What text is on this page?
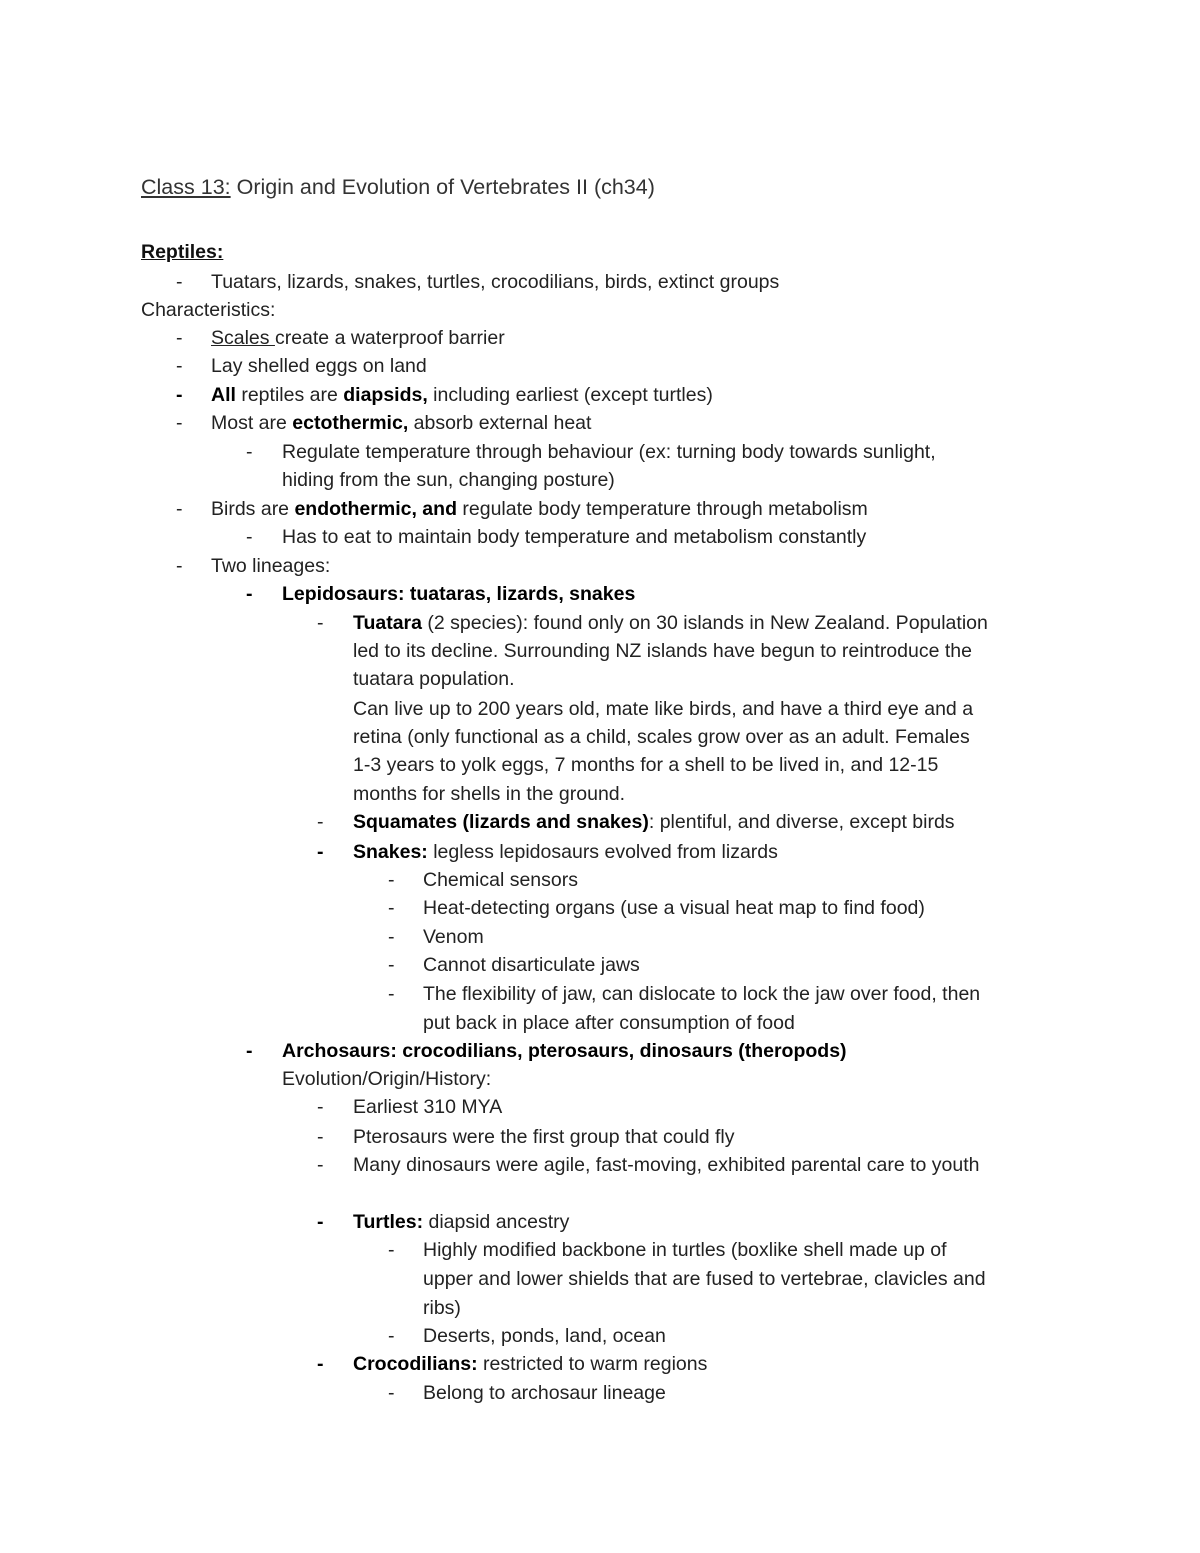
Class 13: Origin and Evolution of Vertebrates II (ch34)
Reptiles:
- Tuatars, lizards, snakes, turtles, crocodilians, birds, extinct groups
Characteristics:
- Scales create a waterproof barrier
- Lay shelled eggs on land
- All reptiles are diapsids, including earliest (except turtles)
- Most are ectothermic, absorb external heat
- Regulate temperature through behaviour (ex: turning body towards sunlight,
hiding from the sun, changing posture)
- Birds are endothermic, and regulate body temperature through metabolism
- Has to eat to maintain body temperature and metabolism constantly
- Two lineages:
- Lepidosaurs: tuataras, lizards, snakes
- Tuatara (2 species): found only on 30 islands in New Zealand. Population
led to its decline. Surrounding NZ islands have begun to reintroduce the
tuatara population.
Can live up to 200 years old, mate like birds, and have a third eye and a
retina (only functional as a child, scales grow over as an adult. Females
1-3 years to yolk eggs, 7 months for a shell to be lived in, and 12-15
months for shells in the ground.
- Squamates (lizards and snakes): plentiful, and diverse, except birds
- Snakes: legless lepidosaurs evolved from lizards
- Chemical sensors
- Heat-detecting organs (use a visual heat map to find food)
- Venom
- Cannot disarticulate jaws
- The flexibility of jaw, can dislocate to lock the jaw over food, then
put back in place after consumption of food
- Archosaurs: crocodilians, pterosaurs, dinosaurs (theropods)
Evolution/Origin/History:
- Earliest 310 MYA
- Pterosaurs were the first group that could fly
- Many dinosaurs were agile, fast-moving, exhibited parental care to youth
- Turtles: diapsid ancestry
- Highly modified backbone in turtles (boxlike shell made up of
upper and lower shields that are fused to vertebrae, clavicles and
ribs)
- Deserts, ponds, land, ocean
- Crocodilians: restricted to warm regions
- Belong to archosaur lineage
